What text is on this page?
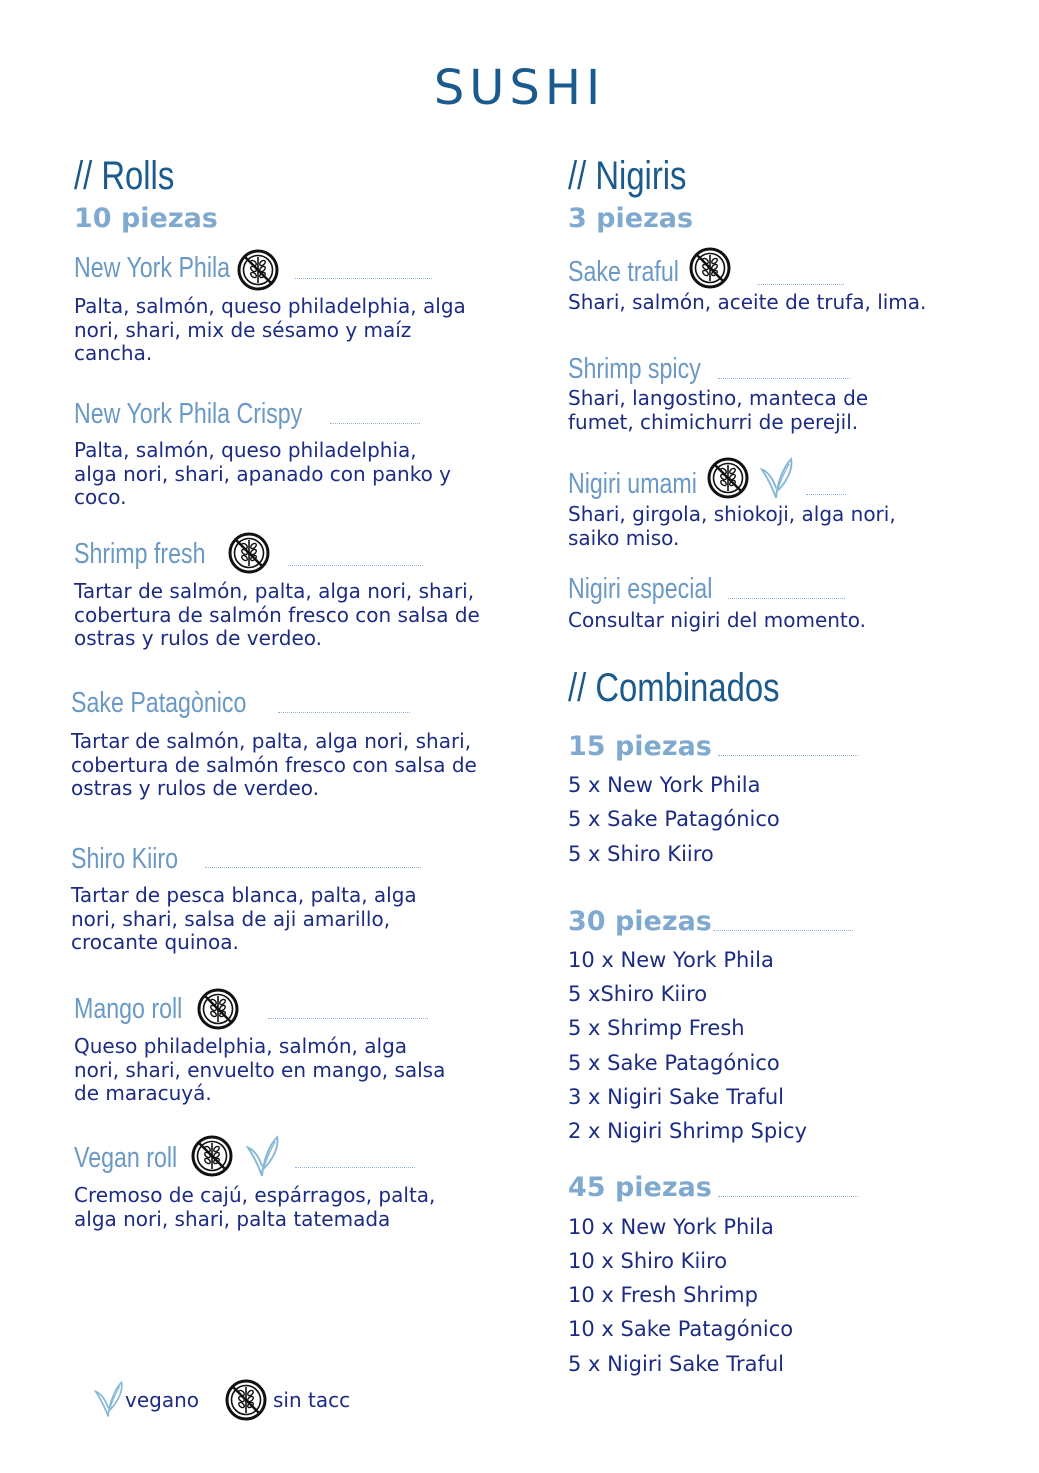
SUSHI
// Rolls
10 piezas
New York Phila
Palta, salmón, queso philadelphia, alga
nori, shari, mix de sésamo y maíz
cancha.
New York Phila Crispy
Palta, salmón, queso philadelphia,
alga nori, shari, apanado con panko y
coco.
Shrimp fresh
Tartar de salmón, palta, alga nori, shari,
cobertura de salmón fresco con salsa de
ostras y rulos de verdeo.
Sake Patagònico
Tartar de salmón, palta, alga nori, shari,
cobertura de salmón fresco con salsa de
ostras y rulos de verdeo.
Shiro Kiiro
Tartar de pesca blanca, palta, alga
nori, shari, salsa de aji amarillo,
crocante quinoa.
Mango roll
Queso philadelphia, salmón, alga
nori, shari, envuelto en mango, salsa
de maracuyá.
Vegan roll
Cremoso de cajú, espárragos, palta,
alga nori, shari, palta tatemada
// Nigiris
3 piezas
Sake traful
Shari, salmón, aceite de trufa, lima.
Shrimp spicy
Shari, langostino, manteca de
fumet, chimichurri de perejil.
Nigiri umami
Shari, girgola, shiokoji, alga nori,
saiko miso.
Nigiri especial
Consultar nigiri del momento.
// Combinados
15 piezas
5 x New York Phila
5 x Sake Patagónico
5 x Shiro Kiiro
30 piezas
10 x New York Phila
5 xShiro Kiiro
5 x Shrimp Fresh
5 x Sake Patagónico
3 x Nigiri Sake Traful
2 x Nigiri Shrimp Spicy
45 piezas
10 x New York Phila
10 x Shiro Kiiro
10 x Fresh Shrimp
10 x Sake Patagónico
5 x Nigiri Sake Traful
vegano	sin tacc
